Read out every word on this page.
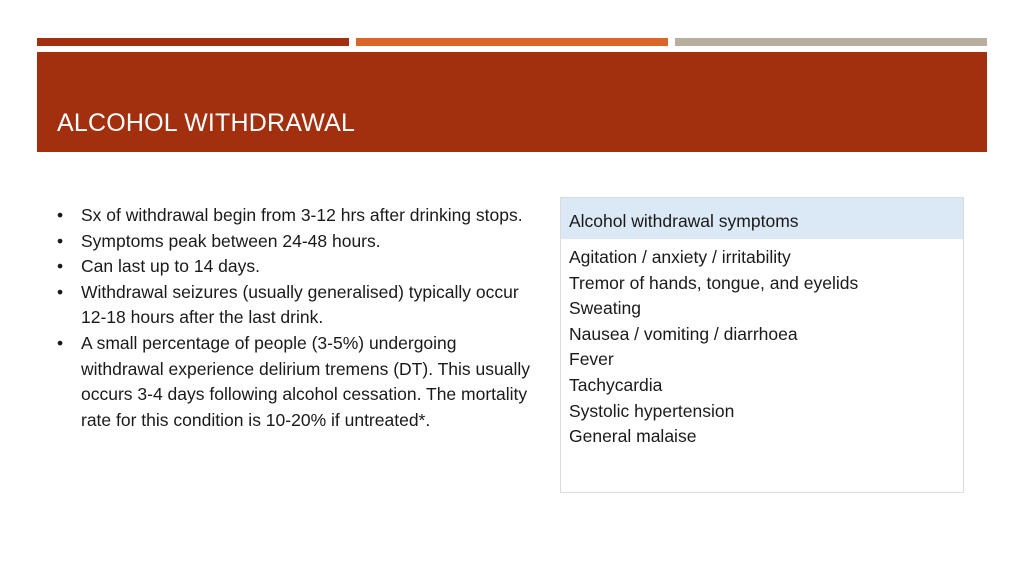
ALCOHOL WITHDRAWAL
• Sx of withdrawal begin from 3-12 hrs after drinking stops.
• Symptoms peak between 24-48 hours.
• Can last up to 14 days.
• Withdrawal seizures (usually generalised) typically occur 12-18 hours after the last drink.
• A small percentage of people (3-5%) undergoing withdrawal experience delirium tremens (DT). This usually occurs 3-4 days following alcohol cessation. The mortality rate for this condition is 10-20% if untreated*.
Alcohol withdrawal symptoms
Agitation / anxiety / irritability
Tremor of hands, tongue, and eyelids
Sweating
Nausea / vomiting / diarrhoea
Fever
Tachycardia
Systolic hypertension
General malaise
